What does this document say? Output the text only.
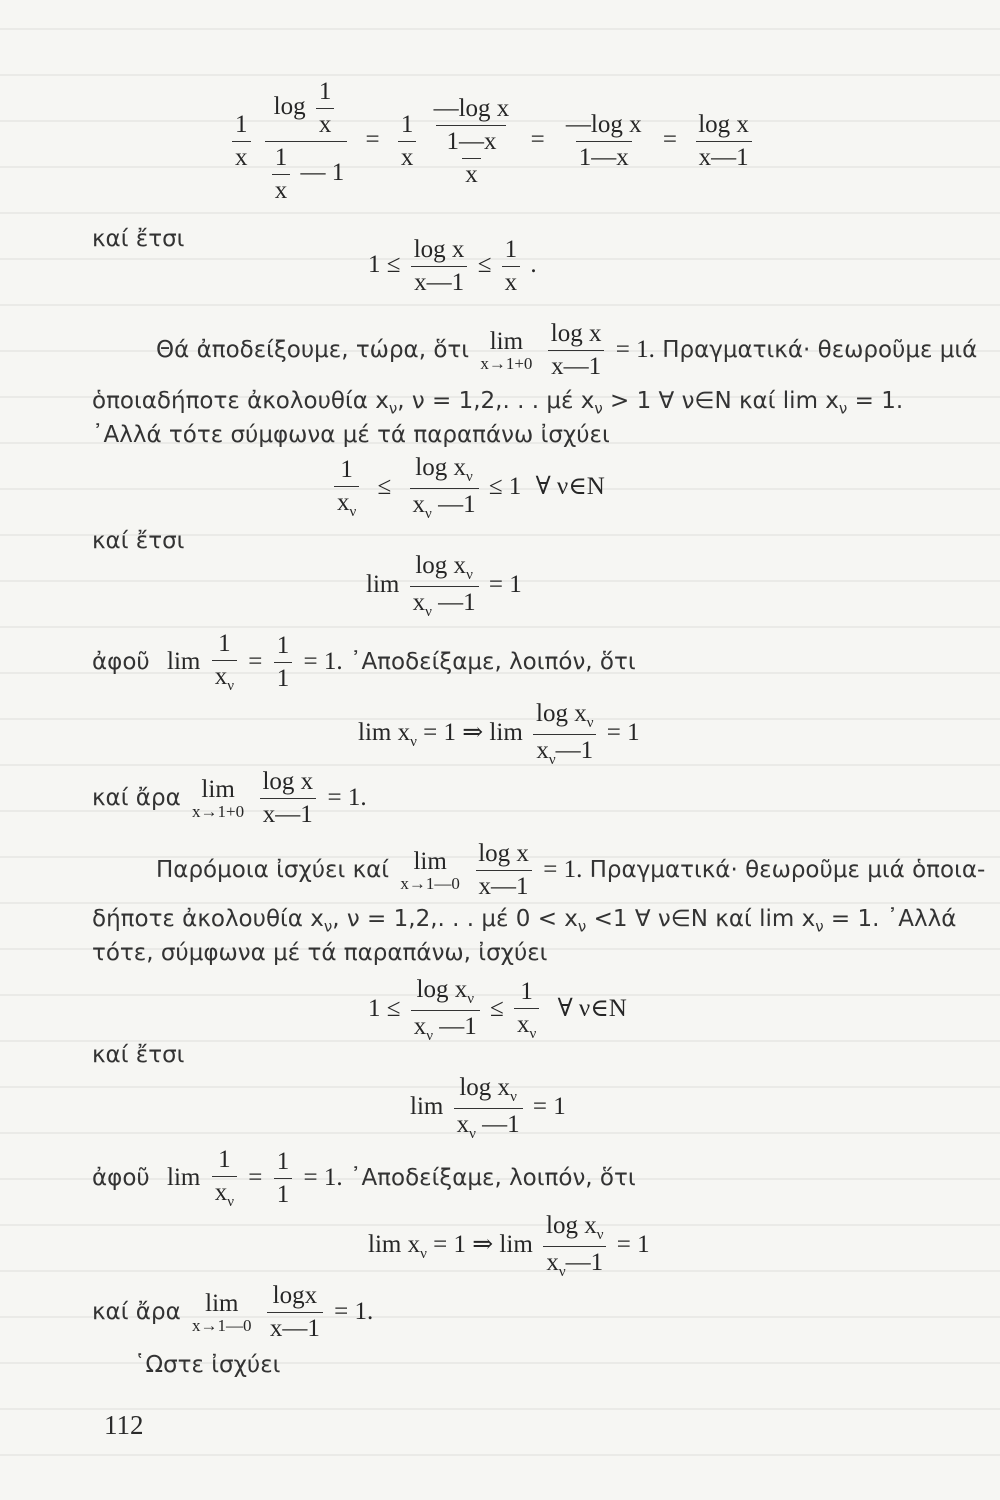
$\frac{1}{x}$
$\frac{\log \frac{1}{x}}{\frac{1}{x} — 1} = \frac{1}{x}$
$\frac{\text{—log x}}{\frac{1—x}{x}} = \frac{\text{—log x}}{1—x} = \frac{\text{log x}}{x—1}$
καί ἔτσι
$1 \le \frac{\text{log x}}{x—1} \le \frac{1}{x}$ .
Θά ἀποδείξουμε, τώρα, ὅτι lim
x→1+0
$\frac{\text{log x}}{x—1} = 1$. Πραγματικά· θεωροῦμε μιά
ὁποιαδήποτε ἀκολουθία $x_\nu$, ν = 1,2,. . . μέ $x_\nu > 1$ ∀ ν∈N καί $\lim x_\nu = 1$.
᾿Αλλά τότε σύμφωνα μέ τά παραπάνω ἰσχύει
$\frac{1}{x_\nu} \le \frac{\log x_\nu}{x_\nu —1} \le 1$ ∀ ν∈N
καί ἔτσι
$\lim \frac{\log x_\nu}{x_\nu —1} = 1$
ἀφοῦ $\lim \frac{1}{x_\nu} = \frac{1}{1} = 1$. ᾿Αποδείξαμε, λοιπόν, ὅτι
$\lim x_\nu = 1$ ⇒ $\lim \frac{\log x_\nu}{x_\nu—1} = 1$
καί ἄρα lim
x→1+0
$\frac{\text{log x}}{x—1} = 1$.
Παρόμοια ἰσχύει καί lim
x→1—0
$\frac{\text{log x}}{x—1} = 1$. Πραγματικά· θεωροῦμε μιά ὁποια-
δήποτε ἀκολουθία $x_\nu$, ν = 1,2,. . . μέ $0 < x_\nu <1$ ∀ ν∈N καί $\lim x_\nu = 1$. ᾿Αλλά
τότε, σύμφωνα μέ τά παραπάνω, ἰσχύει
$1 \le \frac{\log x_\nu}{x_\nu —1} \le \frac{1}{x_\nu}$ ∀ ν∈N
καί ἔτσι
$\lim \frac{\log x_\nu}{x_\nu —1} = 1$
ἀφοῦ $\lim \frac{1}{x_\nu} = \frac{1}{1} = 1$. ᾿Αποδείξαμε, λοιπόν, ὅτι
$\lim x_\nu = 1$ ⇒ $\lim \frac{\log x_\nu}{x_\nu—1} = 1$
καί ἄρα lim
x→1—0
$\frac{\log x}{x—1} = 1$.
῾Ωστε ἰσχύει
112
